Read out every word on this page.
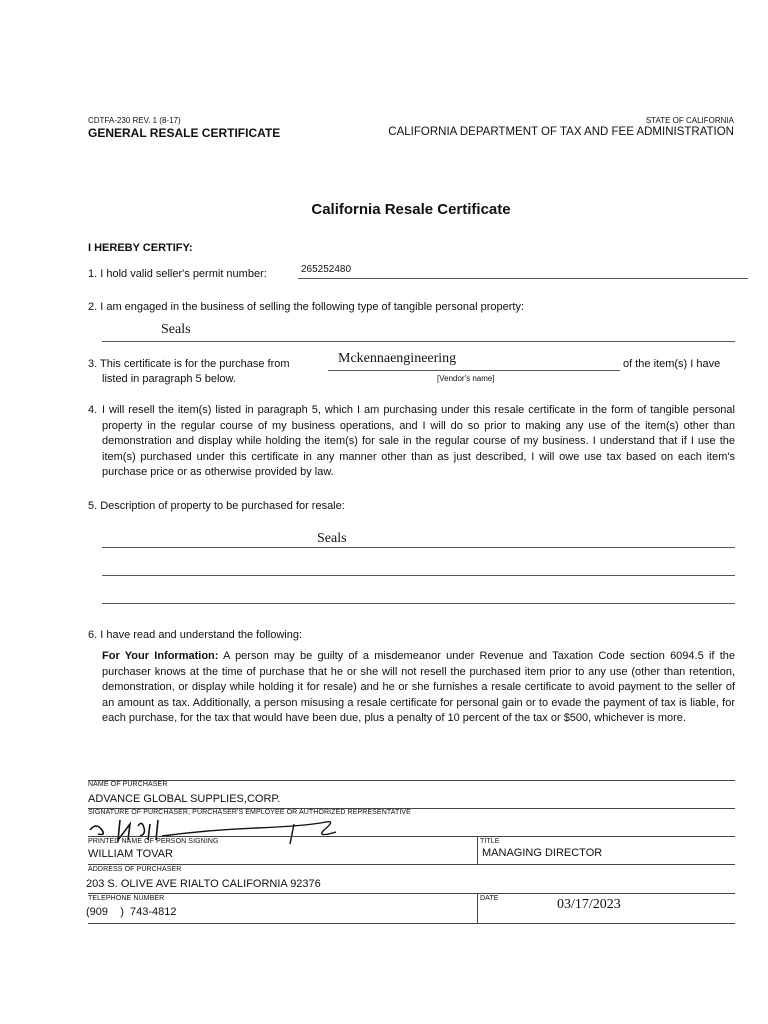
CDTFA-230 REV. 1 (8-17)
GENERAL RESALE CERTIFICATE
STATE OF CALIFORNIA
CALIFORNIA DEPARTMENT OF TAX AND FEE ADMINISTRATION
California Resale Certificate
I HEREBY CERTIFY:
1. I hold valid seller's permit number:	265252480
2. I am engaged in the business of selling the following type of tangible personal property:
Seals
3. This certificate is for the purchase from	Mckennaengineering	of the item(s) I have
listed in paragraph 5 below.	[Vendor's name]
4. I will resell the item(s) listed in paragraph 5, which I am purchasing under this resale certificate in the form of tangible personal property in the regular course of my business operations, and I will do so prior to making any use of the item(s) other than demonstration and display while holding the item(s) for sale in the regular course of my business. I understand that if I use the item(s) purchased under this certificate in any manner other than as just described, I will owe use tax based on each item's purchase price or as otherwise provided by law.
5. Description of property to be purchased for resale:
Seals
6. I have read and understand the following:
For Your Information: A person may be guilty of a misdemeanor under Revenue and Taxation Code section 6094.5 if the purchaser knows at the time of purchase that he or she will not resell the purchased item prior to any use (other than retention, demonstration, or display while holding it for resale) and he or she furnishes a resale certificate to avoid payment to the seller of an amount as tax. Additionally, a person misusing a resale certificate for personal gain or to evade the payment of tax is liable, for each purchase, for the tax that would have been due, plus a penalty of 10 percent of the tax or $500, whichever is more.
NAME OF PURCHASER
ADVANCE GLOBAL SUPPLIES,CORP.
SIGNATURE OF PURCHASER, PURCHASER'S EMPLOYEE OR AUTHORIZED REPRESENTATIVE
PRINTED NAME OF PERSON SIGNING
WILLIAM TOVAR
TITLE
MANAGING DIRECTOR
ADDRESS OF PURCHASER
203 S. OLIVE AVE RIALTO CALIFORNIA 92376
TELEPHONE NUMBER
(909    )  743-4812
DATE	03/17/2023
